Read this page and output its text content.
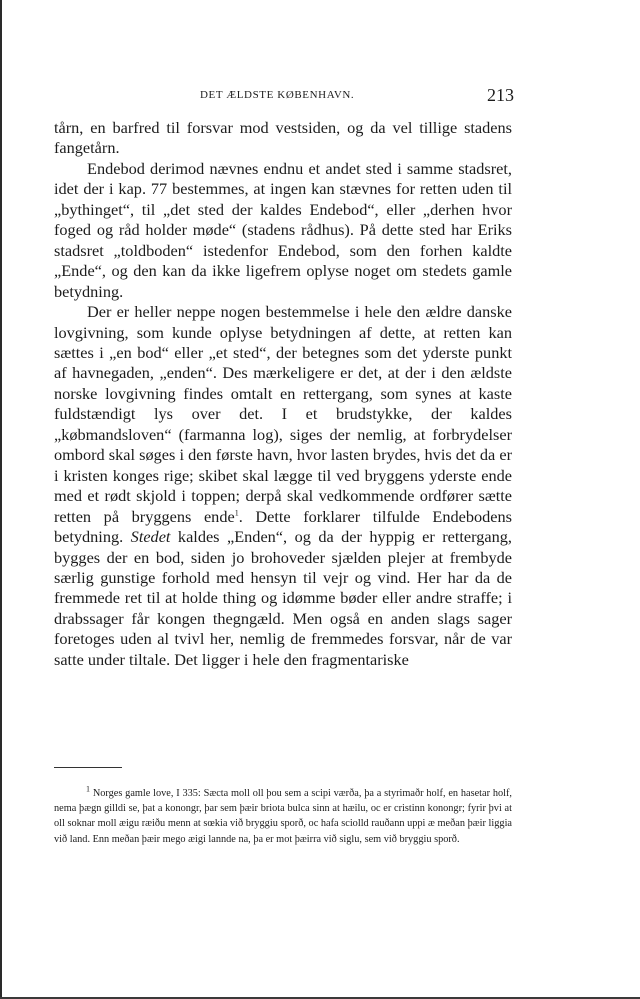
DET ÆLDSTE KØBENHAVN.	213

tårn, en barfred til forsvar mod vestsiden, og da vel tillige stadens fangetårn.

Endebod derimod nævnes endnu et andet sted i samme stadsret, idet der i kap. 77 bestemmes, at ingen kan stævnes for retten uden til „bythinget“, til „det sted der kaldes Endebod“, eller „derhen hvor foged og råd holder møde“ (stadens rådhus). På dette sted har Eriks stadsret „toldboden“ istedenfor Endebod, som den forhen kaldte „Ende“, og den kan da ikke ligefrem oplyse noget om stedets gamle betydning.

Der er heller neppe nogen bestemmelse i hele den ældre danske lovgivning, som kunde oplyse betydningen af dette, at retten kan sættes i „en bod“ eller „et sted“, der betegnes som det yderste punkt af havnegaden, „enden“. Des mærkeligere er det, at der i den ældste norske lovgivning findes omtalt en rettergang, som synes at kaste fuldstændigt lys over det. I et brudstykke, der kaldes „købmandsloven“ (farmanna log), siges der nemlig, at forbrydelser ombord skal søges i den første havn, hvor lasten brydes, hvis det da er i kristen konges rige; skibet skal lægge til ved bryggens yderste ende med et rødt skjold i toppen; derpå skal vedkommende ordfører sætte retten på bryggens ende$^1$. Dette forklarer tilfulde Endebodens betydning. Stedet kaldes „Enden“, og da der hyppig er rettergang, bygges der en bod, siden jo brohoveder sjælden plejer at frembyde særlig gunstige forhold med hensyn til vejr og vind. Her har da de fremmede ret til at holde thing og idømme bøder eller andre straffe; i drabssager får kongen thegngæld. Men også en anden slags sager foretoges uden al tvivl her, nemlig de fremmedes forsvar, når de var satte under tiltale. Det ligger i hele den fragmentariske

$^1$ Norges gamle love, I 335: Sæcta moll oll þou sem a scipi værða, þa a styrimaðr holf, en hasetar holf, nema þægn gilldi se, þat a konongr, þar sem þæir briota bulca sinn at hæilu, oc er cristinn konongr; fyrir þvi at oll soknar moll æigu ræiðu menn at sœkia við bryggiu sporð, oc hafa sciolld rauðann uppi æ meðan þæir liggia við land. Enn meðan þæir mego æigi lannde na, þa er mot þæirra við siglu, sem við bryggiu sporð.
